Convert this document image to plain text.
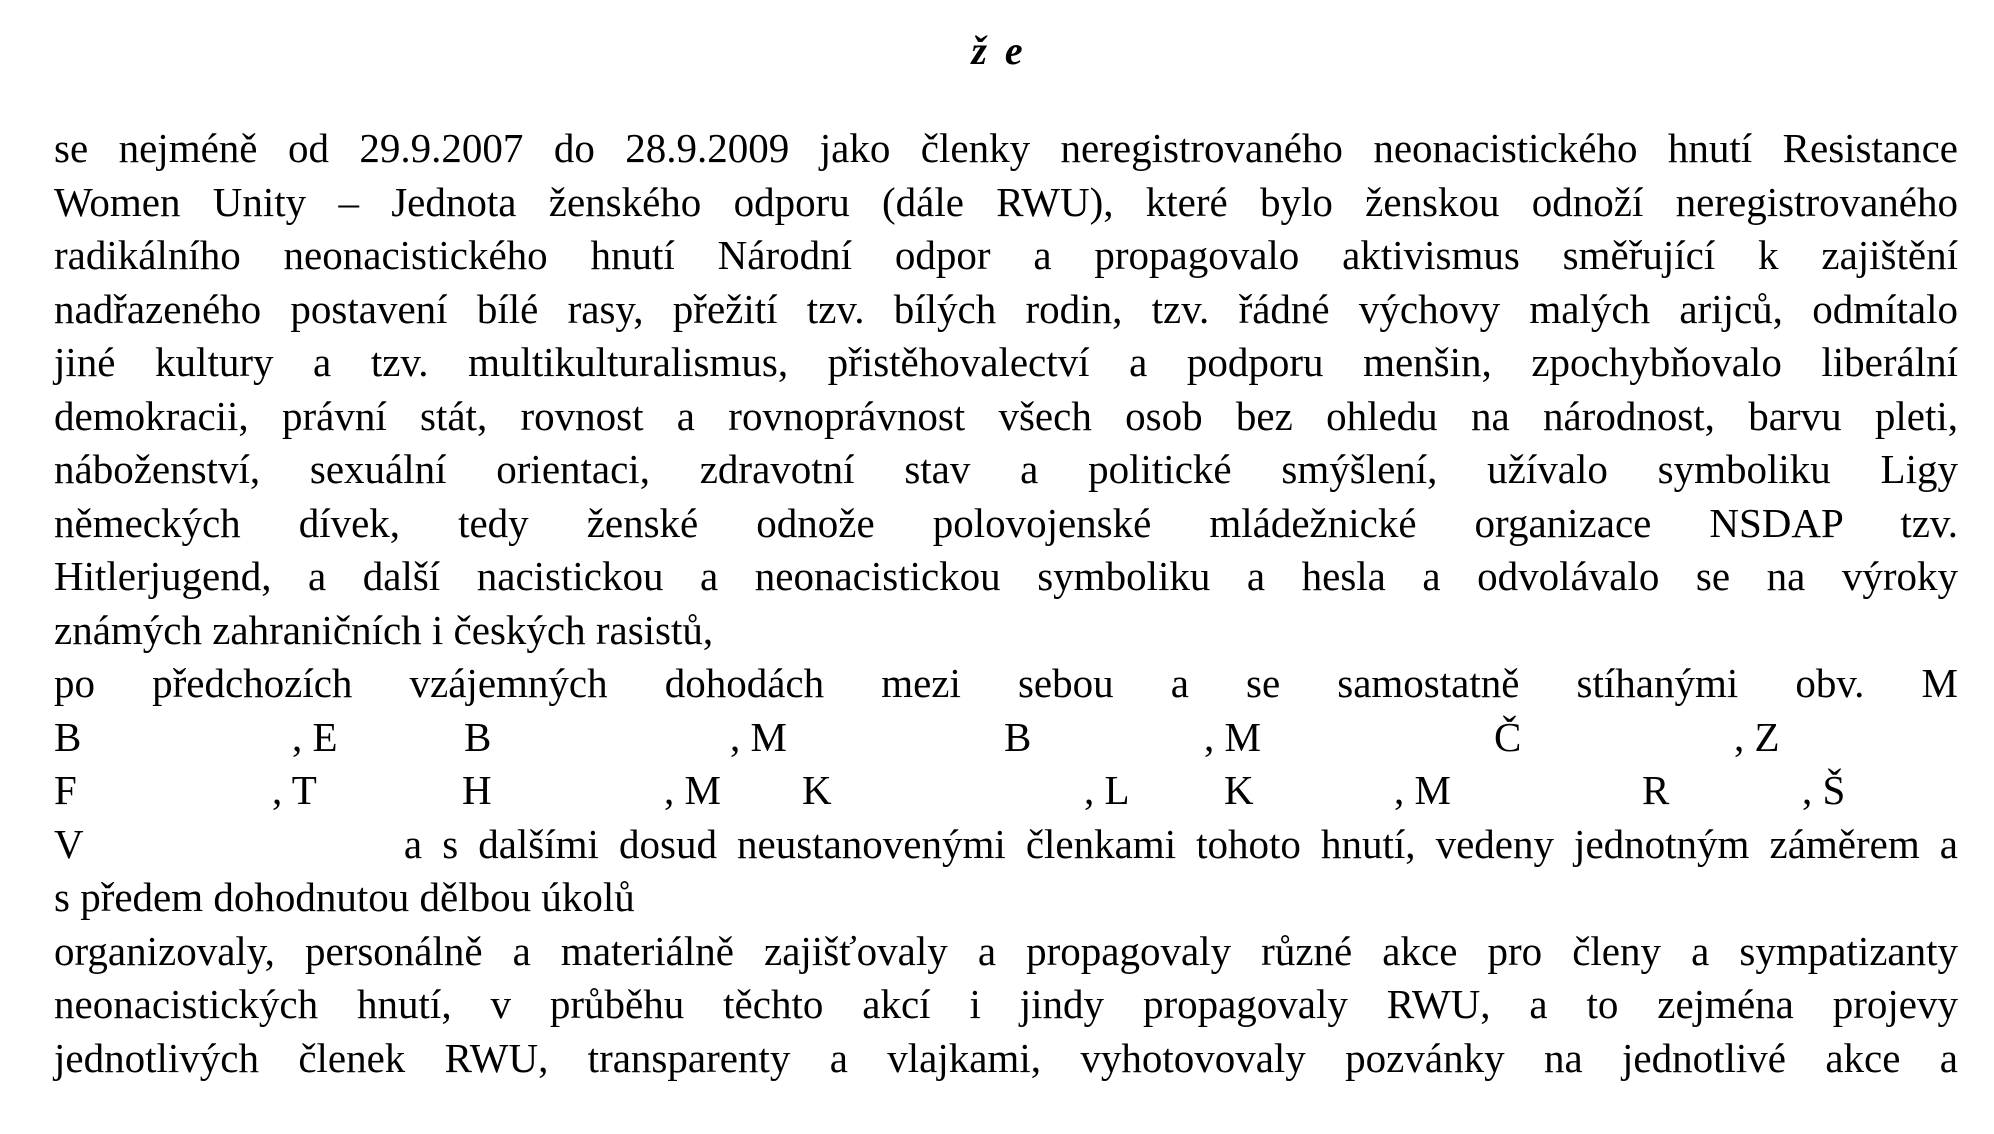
ž e
se nejméně od 29.9.2007 do 28.9.2009 jako členky neregistrovaného neonacistického hnutí Resistance
Women Unity – Jednota ženského odporu (dále RWU), které bylo ženskou odnoží neregistrovaného
radikálního neonacistického hnutí Národní odpor a propagovalo aktivismus směřující k zajištění
nadřazeného postavení bílé rasy, přežití tzv. bílých rodin, tzv. řádné výchovy malých arijců, odmítalo
jiné kultury a tzv. multikulturalismus, přistěhovalectví a podporu menšin, zpochybňovalo liberální
demokracii, právní stát, rovnost a rovnoprávnost všech osob bez ohledu na národnost, barvu pleti,
náboženství, sexuální orientaci, zdravotní stav a politické smýšlení, užívalo symboliku Ligy
německých dívek, tedy ženské odnože polovojenské mládežnické organizace NSDAP tzv.
Hitlerjugend, a další nacistickou a neonacistickou symboliku a hesla a odvolávalo se na výroky
známých zahraničních i českých rasistů,
po předchozích vzájemných dohodách mezi sebou a se samostatně stíhanými obv. M
B	, E	B	, M	B	, M	Č	, Z
F	, T	H	, M K	, L K	, M	R	, Š
V                a s dalšími dosud neustanovenými členkami tohoto hnutí, vedeny jednotným záměrem a
s předem dohodnutou dělbou úkolů
organizovaly, personálně a materiálně zajišťovaly a propagovaly různé akce pro členy a sympatizanty
neonacistických hnutí, v průběhu těchto akcí i jindy propagovaly RWU, a to zejména projevy
jednotlivých členek RWU, transparenty a vlajkami, vyhotovovaly pozvánky na jednotlivé akce a
